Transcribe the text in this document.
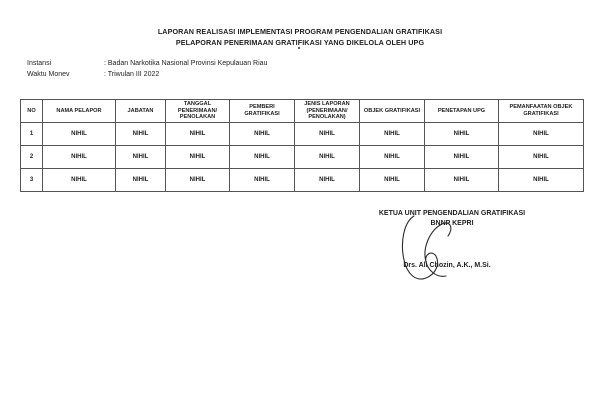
LAPORAN REALISASI IMPLEMENTASI PROGRAM PENGENDALIAN GRATIFIKASI
PELAPORAN PENERIMAAN GRATIFIKASI YANG DIKELOLA OLEH UPG
Instansi	: Badan Narkotika Nasional Provinsi Kepulauan Riau
Waktu Monev	: Triwulan III 2022
NO	NAMA PELAPOR	JABATAN	TANGGAL PENERIMAAN/ PENOLAKAN	PEMBERI GRATIFIKASI	JENIS LAPORAN (PENERIMAAN/ PENOLAKAN)	OBJEK GRATIFIKASI	PENETAPAN UPG	PEMANFAATAN OBJEK GRATIFIKASI
1	NIHIL	NIHIL	NIHIL	NIHIL	NIHIL	NIHIL	NIHIL	NIHIL
2	NIHIL	NIHIL	NIHIL	NIHIL	NIHIL	NIHIL	NIHIL	NIHIL
3	NIHIL	NIHIL	NIHIL	NIHIL	NIHIL	NIHIL	NIHIL	NIHIL
KETUA UNIT PENGENDALIAN GRATIFIKASI
BNNP KEPRI
Drs. Ali Chozin, A.K., M.Si.
